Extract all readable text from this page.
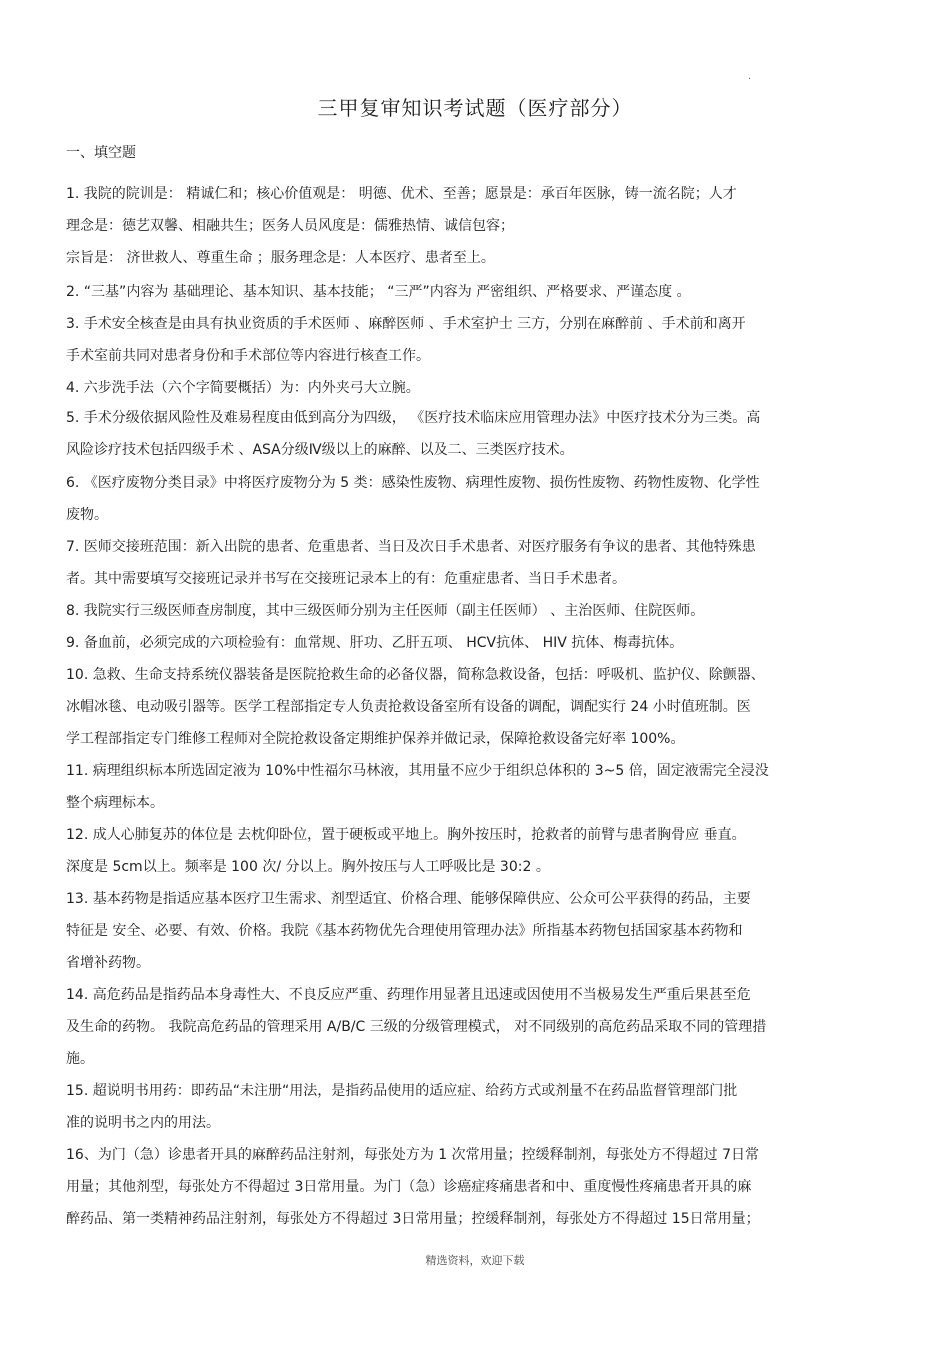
·
三甲复审知识考试题（医疗部分）
一、填空题
1. 我院的院训是： 精诚仁和；核心价值观是： 明德、优术、至善；愿景是：承百年医脉，铸一流名院；人才
理念是：德艺双馨、相融共生；医务人员风度是：儒雅热情、诚信包容；
宗旨是： 济世救人、尊重生命 ；服务理念是：人本医疗、患者至上。
2. “三基”内容为 基础理论、基本知识、基本技能； “三严”内容为 严密组织、严格要求、严谨态度 。
3. 手术安全核查是由具有执业资质的手术医师 、麻醉医师 、手术室护士 三方，分别在麻醉前 、手术前和离开
手术室前共同对患者身份和手术部位等内容进行核查工作。
4. 六步洗手法（六个字简要概括）为：内外夹弓大立腕。
5. 手术分级依据风险性及难易程度由低到高分为四级， 《医疗技术临床应用管理办法》中医疗技术分为三类。高
风险诊疗技术包括四级手术 、ASA分级Ⅳ级以上的麻醉、以及二、三类医疗技术。
6. 《医疗废物分类目录》中将医疗废物分为 5 类：感染性废物、病理性废物、损伤性废物、药物性废物、化学性
废物。
7. 医师交接班范围：新入出院的患者、危重患者、当日及次日手术患者、对医疗服务有争议的患者、其他特殊患
者。其中需要填写交接班记录并书写在交接班记录本上的有：危重症患者、当日手术患者。
8. 我院实行三级医师查房制度，其中三级医师分别为主任医师（副主任医师） 、主治医师、住院医师。
9. 备血前，必须完成的六项检验有：血常规、肝功、乙肝五项、 HCV抗体、 HIV 抗体、梅毒抗体。
10. 急救、生命支持系统仪器装备是医院抢救生命的必备仪器，简称急救设备，包括：呼吸机、监护仪、除颤器、
冰帽冰毯、电动吸引器等。医学工程部指定专人负责抢救设备室所有设备的调配，调配实行 24 小时值班制。医
学工程部指定专门维修工程师对全院抢救设备定期维护保养并做记录，保障抢救设备完好率 100%。
11. 病理组织标本所选固定液为 10%中性福尔马林液，其用量不应少于组织总体积的 3~5 倍，固定液需完全浸没
整个病理标本。
12. 成人心肺复苏的体位是 去枕仰卧位，置于硬板或平地上。胸外按压时，抢救者的前臂与患者胸骨应 垂直。
深度是 5cm以上。频率是 100 次/ 分以上。胸外按压与人工呼吸比是 30:2 。
13. 基本药物是指适应基本医疗卫生需求、剂型适宜、价格合理、能够保障供应、公众可公平获得的药品，主要
特征是 安全、必要、有效、价格。我院《基本药物优先合理使用管理办法》所指基本药物包括国家基本药物和
省增补药物。
14. 高危药品是指药品本身毒性大、不良反应严重、药理作用显著且迅速或因使用不当极易发生严重后果甚至危
及生命的药物。 我院高危药品的管理采用 A/B/C 三级的分级管理模式， 对不同级别的高危药品采取不同的管理措
施。
15. 超说明书用药：即药品“未注册“用法，是指药品使用的适应症、给药方式或剂量不在药品监督管理部门批
准的说明书之内的用法。
16、为门（急）诊患者开具的麻醉药品注射剂，每张处方为 1 次常用量；控缓释制剂，每张处方不得超过 7日常
用量；其他剂型，每张处方不得超过 3日常用量。为门（急）诊癌症疼痛患者和中、重度慢性疼痛患者开具的麻
醉药品、第一类精神药品注射剂，每张处方不得超过 3日常用量；控缓释制剂，每张处方不得超过 15日常用量；
精选资料，欢迎下载
